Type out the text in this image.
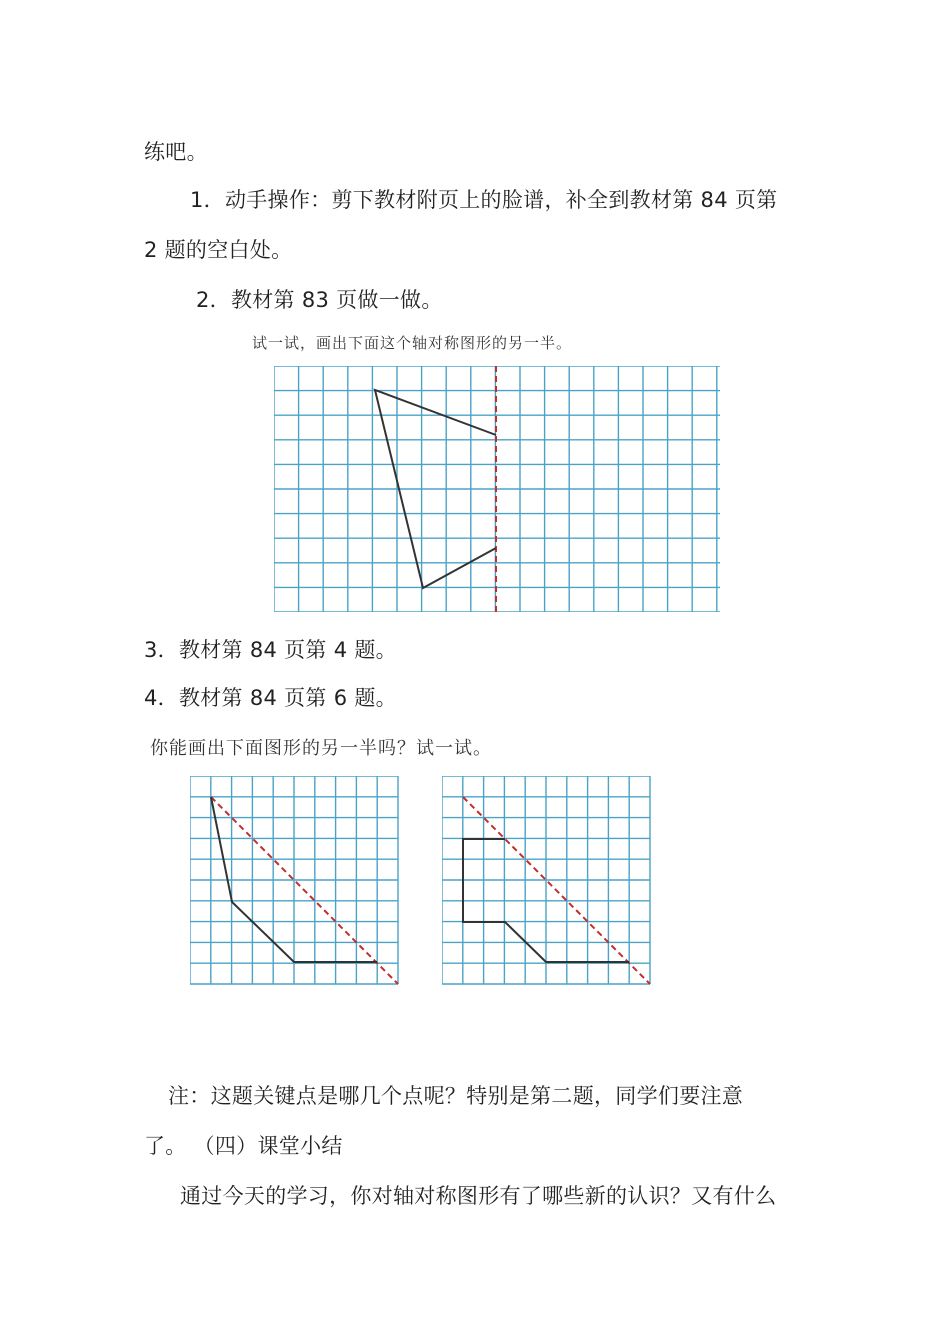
练吧。
1．动手操作：剪下教材附页上的脸谱，补全到教材第 84 页第
2 题的空白处。
2．教材第 83 页做一做。
试一试，画出下面这个轴对称图形的另一半。
3．教材第 84 页第 4 题。
4．教材第 84 页第 6 题。
你能画出下面图形的另一半吗？试一试。
注：这题关键点是哪几个点呢？特别是第二题，同学们要注意
了。 （四）课堂小结
通过今天的学习，你对轴对称图形有了哪些新的认识？又有什么
